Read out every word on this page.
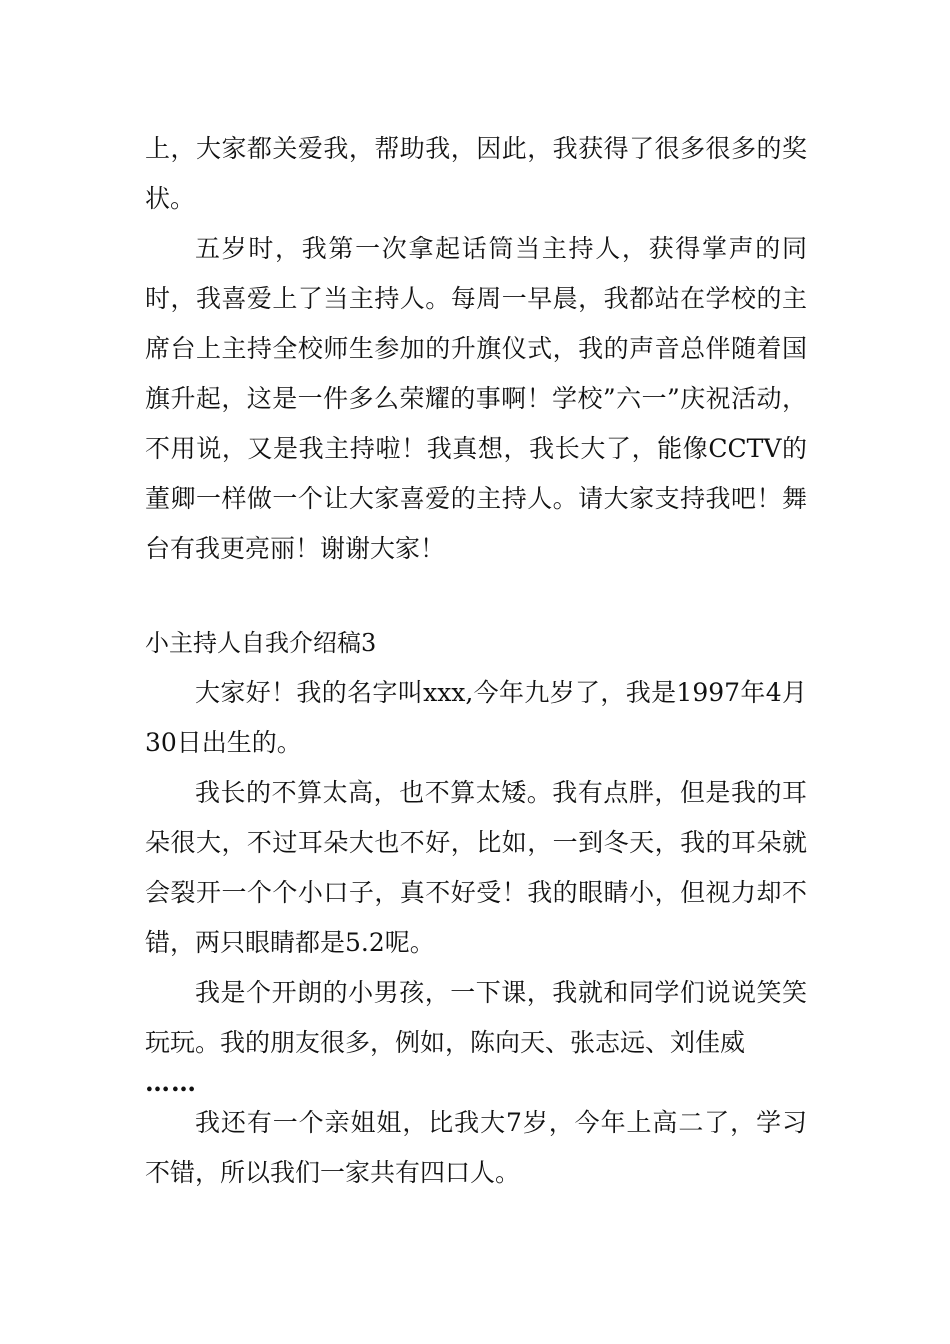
上，大家都关爱我，帮助我，因此，我获得了很多很多的奖状。

五岁时，我第一次拿起话筒当主持人，获得掌声的同时，我喜爱上了当主持人。每周一早晨，我都站在学校的主席台上主持全校师生参加的升旗仪式，我的声音总伴随着国旗升起，这是一件多么荣耀的事啊！学校”六一”庆祝活动，不用说，又是我主持啦！我真想，我长大了，能像CCTV的董卿一样做一个让大家喜爱的主持人。请大家支持我吧！舞台有我更亮丽！谢谢大家！

小主持人自我介绍稿3

大家好！我的名字叫xxx,今年九岁了，我是1997年4月30日出生的。

我长的不算太高，也不算太矮。我有点胖，但是我的耳朵很大，不过耳朵大也不好，比如，一到冬天，我的耳朵就会裂开一个个小口子，真不好受！我的眼睛小，但视力却不错，两只眼睛都是5.2呢。

我是个开朗的小男孩，一下课，我就和同学们说说笑笑玩玩。我的朋友很多，例如，陈向天、张志远、刘佳威

……

我还有一个亲姐姐，比我大7岁，今年上高二了，学习不错，所以我们一家共有四口人。
